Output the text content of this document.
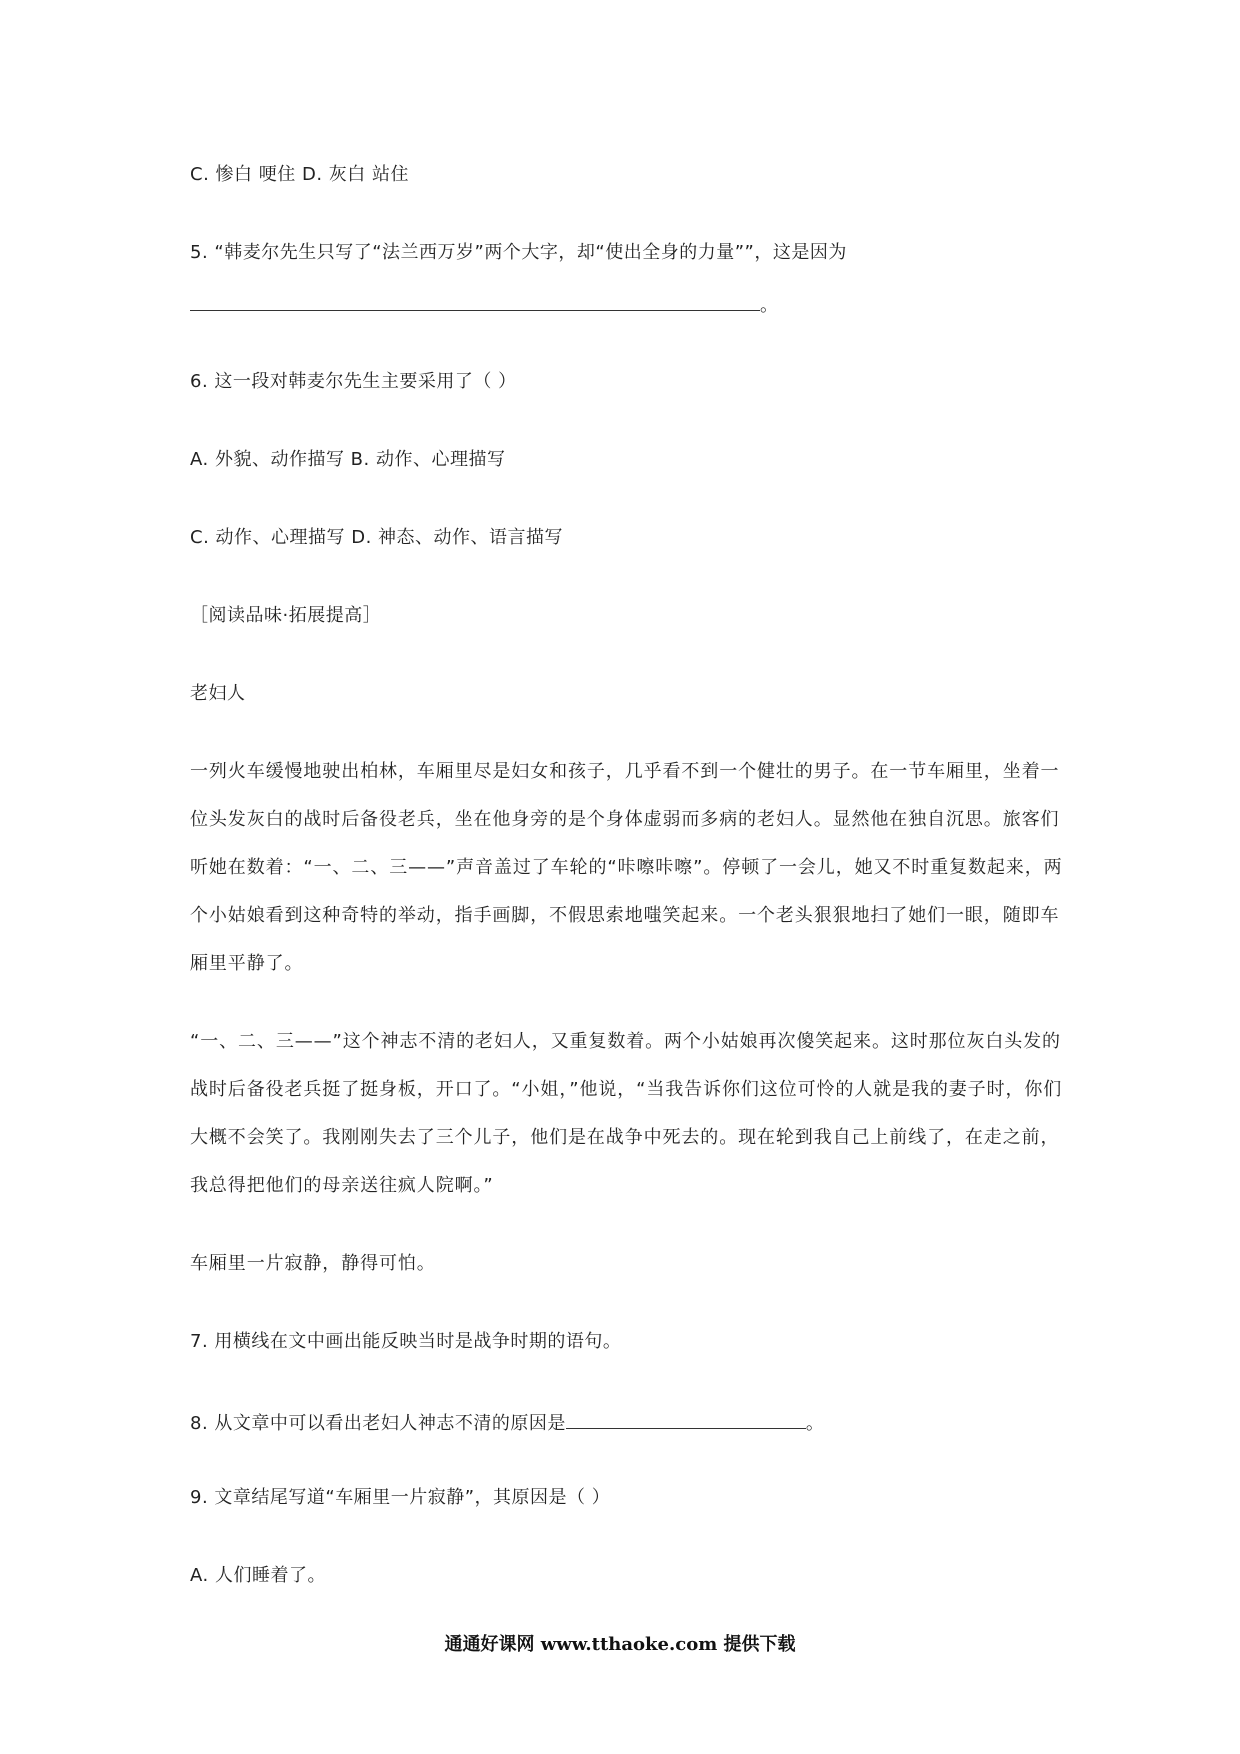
C. 惨白 哽住 D. 灰白 站住
5. “韩麦尔先生只写了“法兰西万岁”两个大字，却“使出全身的力量””，这是因为
。
6. 这一段对韩麦尔先生主要采用了（ ）
A. 外貌、动作描写 B. 动作、心理描写
C. 动作、心理描写 D. 神态、动作、语言描写
［阅读品味·拓展提高］
老妇人
一列火车缓慢地驶出柏林，车厢里尽是妇女和孩子，几乎看不到一个健壮的男子。在一节车厢里，坐着一位头发灰白的战时后备役老兵，坐在他身旁的是个身体虚弱而多病的老妇人。显然他在独自沉思。旅客们听她在数着：“一、二、三——”声音盖过了车轮的“咔嚓咔嚓”。停顿了一会儿，她又不时重复数起来，两个小姑娘看到这种奇特的举动，指手画脚，不假思索地嗤笑起来。一个老头狠狠地扫了她们一眼，随即车厢里平静了。
“一、二、三——”这个神志不清的老妇人，又重复数着。两个小姑娘再次傻笑起来。这时那位灰白头发的战时后备役老兵挺了挺身板，开口了。“小姐，”他说，“当我告诉你们这位可怜的人就是我的妻子时，你们大概不会笑了。我刚刚失去了三个儿子，他们是在战争中死去的。现在轮到我自己上前线了，在走之前，我总得把他们的母亲送往疯人院啊。”
车厢里一片寂静，静得可怕。
7. 用横线在文中画出能反映当时是战争时期的语句。
8. 从文章中可以看出老妇人神志不清的原因是	。
9. 文章结尾写道“车厢里一片寂静”，其原因是（ ）
A. 人们睡着了。
通通好课网 www.tthaoke.com 提供下载
